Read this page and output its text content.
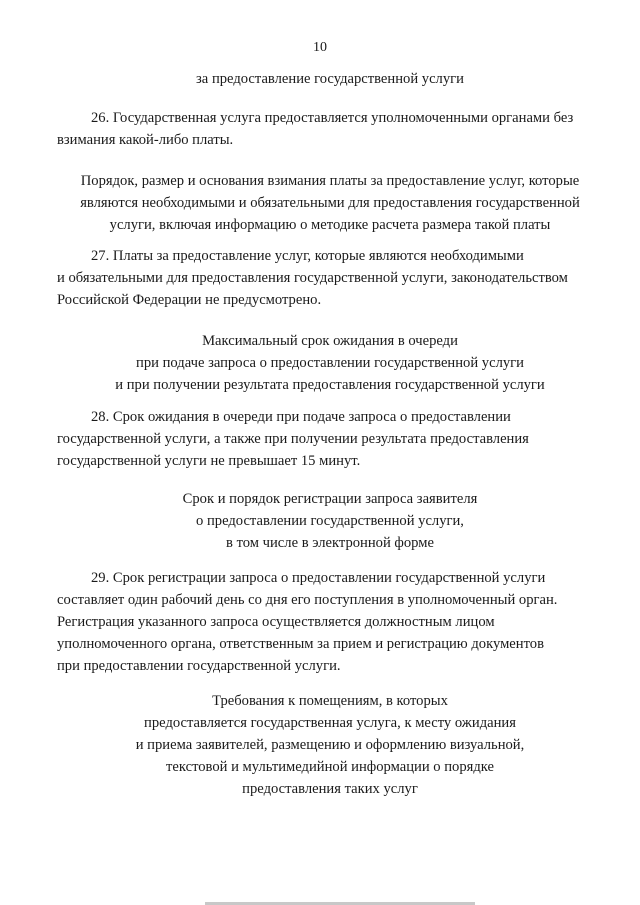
10
за предоставление государственной услуги
26. Государственная услуга предоставляется уполномоченными органами без
взимания какой-либо платы.
Порядок, размер и основания взимания платы за предоставление услуг, которые
являются необходимыми и обязательными для предоставления государственной
услуги, включая информацию о методике расчета размера такой платы
27. Платы за предоставление услуг, которые являются необходимыми
и обязательными для предоставления государственной услуги, законодательством
Российской Федерации не предусмотрено.
Максимальный срок ожидания в очереди
при подаче запроса о предоставлении государственной услуги
и при получении результата предоставления государственной услуги
28. Срок ожидания в очереди при подаче запроса о предоставлении
государственной услуги, а также при получении результата предоставления
государственной услуги не превышает 15 минут.
Срок и порядок регистрации запроса заявителя
о предоставлении государственной услуги,
в том числе в электронной форме
29. Срок регистрации запроса о предоставлении государственной услуги
составляет один рабочий день со дня его поступления в уполномоченный орган.
Регистрация указанного запроса осуществляется должностным лицом
уполномоченного органа, ответственным за прием и регистрацию документов
при предоставлении государственной услуги.
Требования к помещениям, в которых
предоставляется государственная услуга, к месту ожидания
и приема заявителей, размещению и оформлению визуальной,
текстовой и мультимедийной информации о порядке
предоставления таких услуг
